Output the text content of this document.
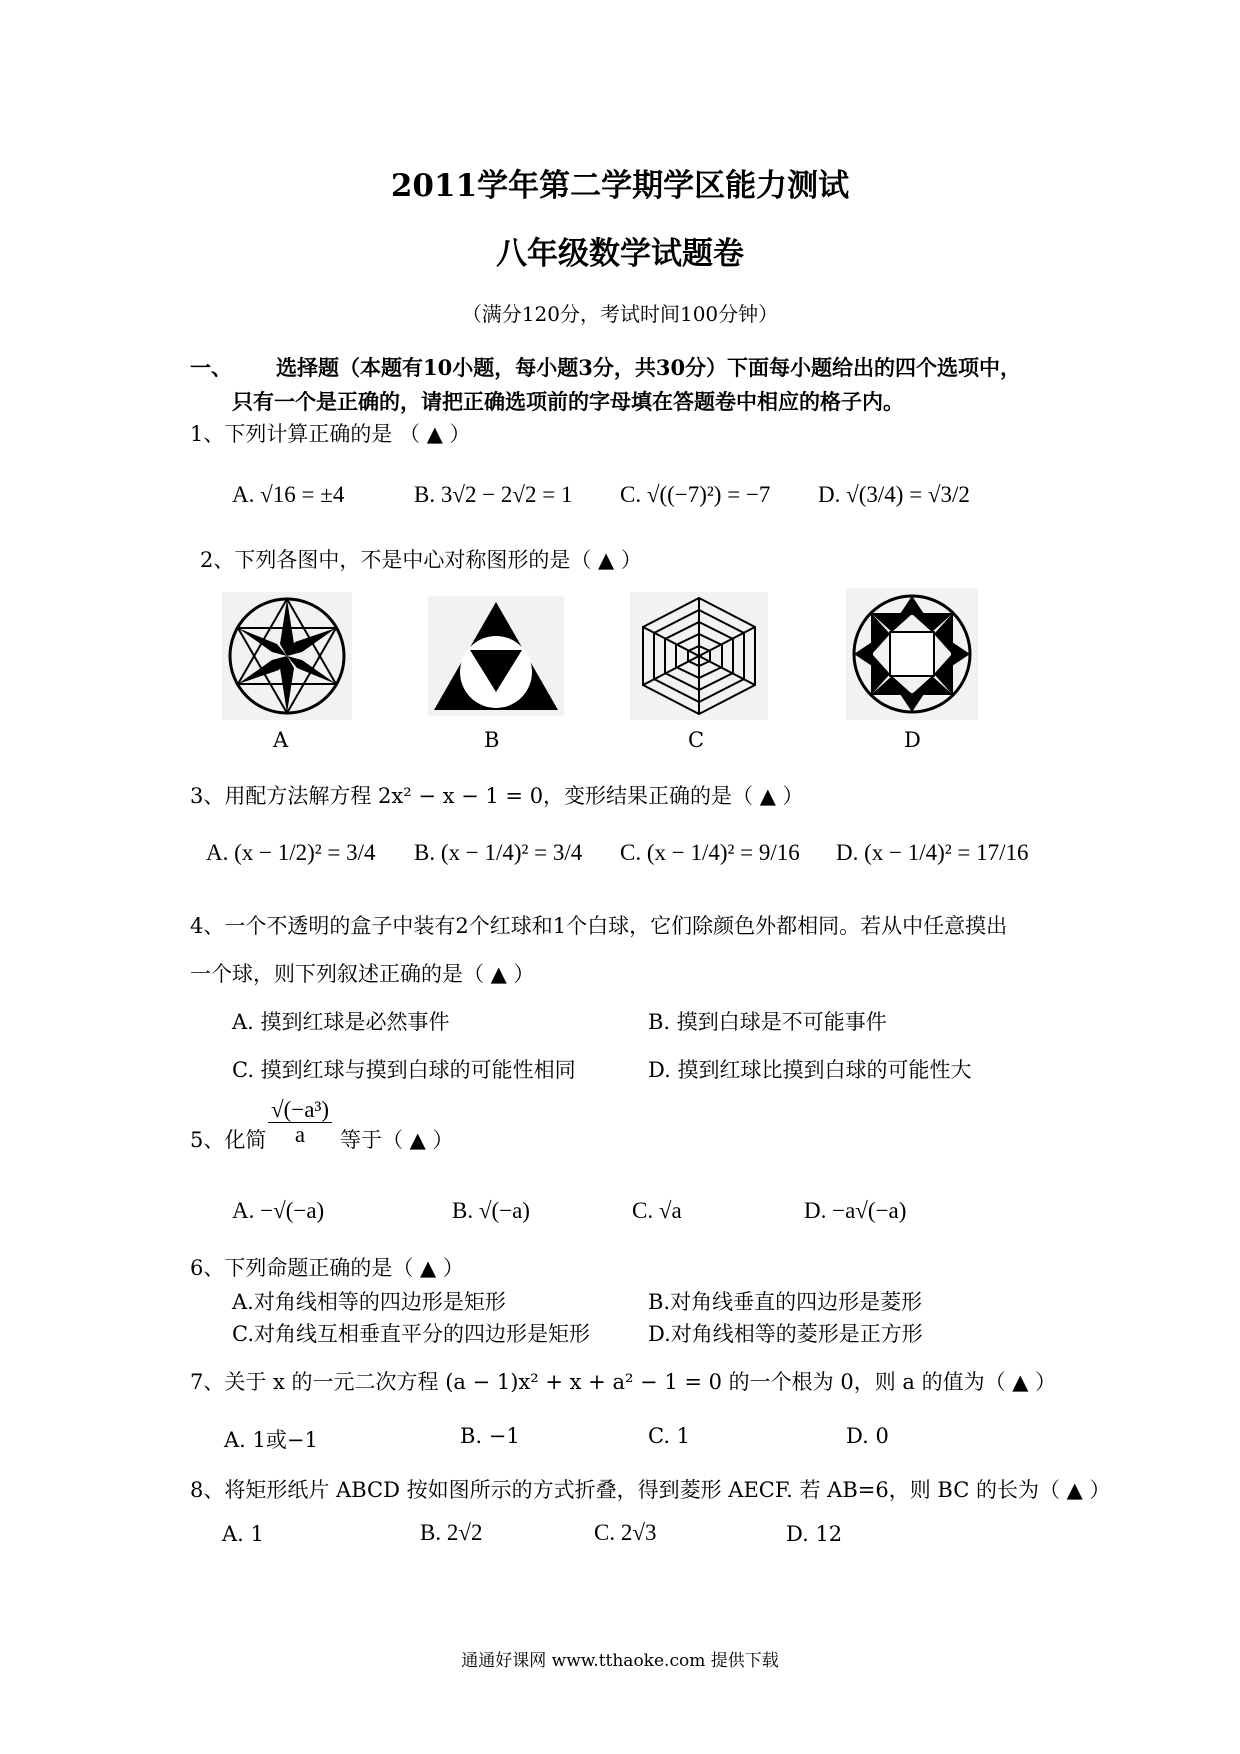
2011学年第二学期学区能力测试
八年级数学试题卷
（满分120分，考试时间100分钟）
一、 选择题（本题有10小题，每小题3分，共30分）下面每小题给出的四个选项中，
只有一个是正确的，请把正确选项前的字母填在答题卷中相应的格子内。
1、下列计算正确的是 （ ▲ ）
A. √16 = ±4	B. 3√2 − 2√2 = 1 C. √((−7)²) = −7 D. √(3/4) = √3/2
2、下列各图中，不是中心对称图形的是（ ▲ ）
A	B	C	D
3、用配方法解方程 2x² − x − 1 = 0，变形结果正确的是（ ▲ ）
A. (x − 1/2)² = 3/4 B. (x − 1/4)² = 3/4 C. (x − 1/4)² = 9/16 D. (x − 1/4)² = 17/16
4、一个不透明的盒子中装有2个红球和1个白球，它们除颜色外都相同。若从中任意摸出
一个球，则下列叙述正确的是（ ▲ ）
A. 摸到红球是必然事件	B. 摸到白球是不可能事件
C. 摸到红球与摸到白球的可能性相同	D. 摸到红球比摸到白球的可能性大
5、化简 $\frac{\text{√(−a³)}}{a}$ 等于（ ▲ ）
A. −√(−a)	B. √(−a)	C. √a	D. −a√(−a)
6、下列命题正确的是（ ▲ ）
A.对角线相等的四边形是矩形	B.对角线垂直的四边形是菱形
C.对角线互相垂直平分的四边形是矩形	D.对角线相等的菱形是正方形
7、关于 x 的一元二次方程 (a − 1)x² + x + a² − 1 = 0 的一个根为 0，则 a 的值为（ ▲ ）
A. 1或−1	B. −1	C. 1	D. 0
8、将矩形纸片 ABCD 按如图所示的方式折叠，得到菱形 AECF. 若 AB=6，则 BC 的长为（ ▲ ）
A. 1	B. 2√2	C. 2√3	D. 12
通通好课网 www.tthaoke.com 提供下载
